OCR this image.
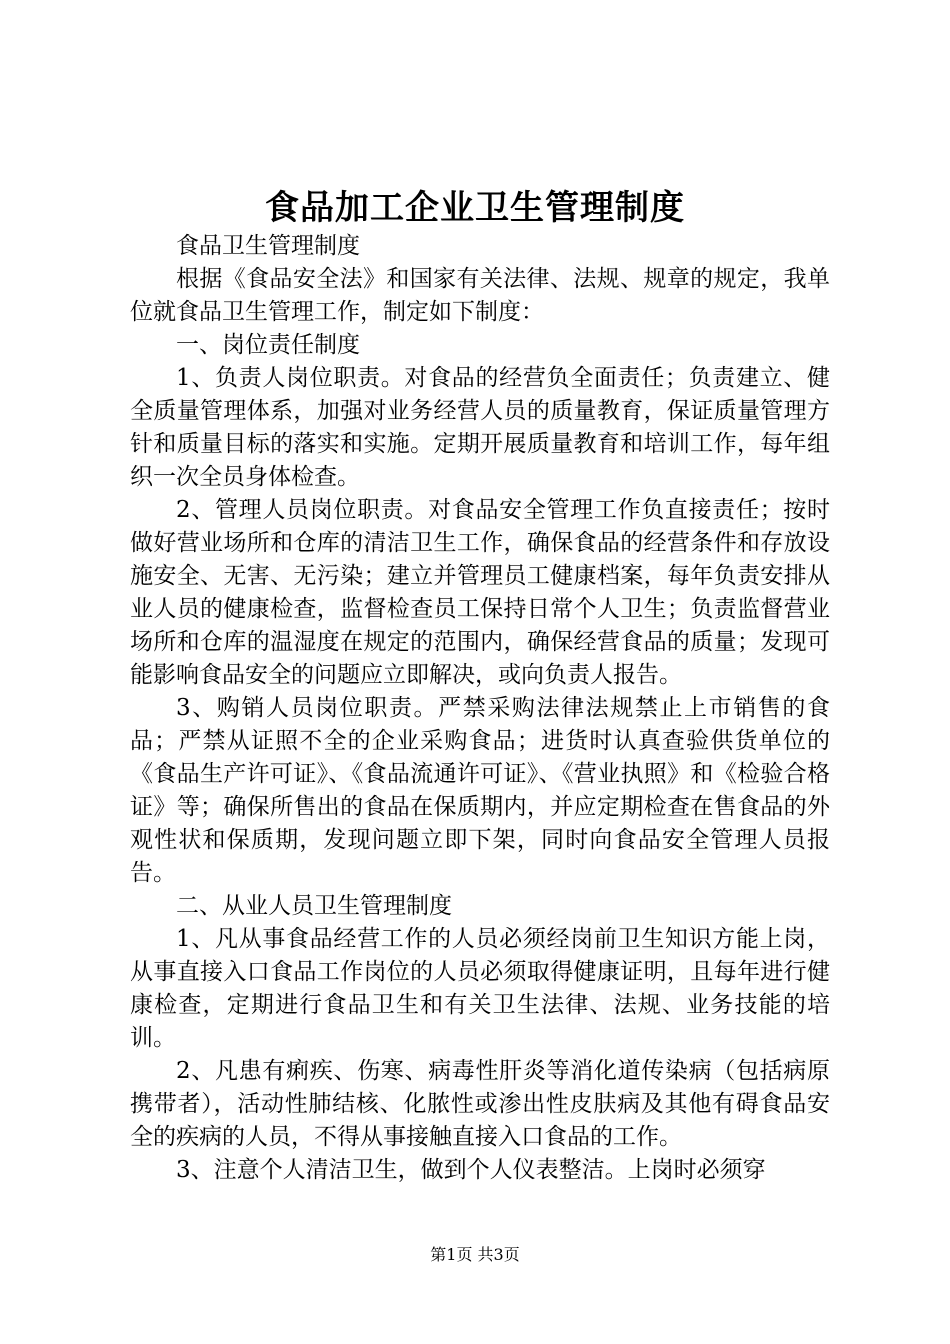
食品加工企业卫生管理制度

食品卫生管理制度

根据《食品安全法》和国家有关法律、法规、规章的规定，我单位就食品卫生管理工作，制定如下制度：

一、岗位责任制度

1、负责人岗位职责。对食品的经营负全面责任；负责建立、健全质量管理体系，加强对业务经营人员的质量教育，保证质量管理方针和质量目标的落实和实施。定期开展质量教育和培训工作，每年组织一次全员身体检查。

2、管理人员岗位职责。对食品安全管理工作负直接责任；按时做好营业场所和仓库的清洁卫生工作，确保食品的经营条件和存放设施安全、无害、无污染；建立并管理员工健康档案，每年负责安排从业人员的健康检查，监督检查员工保持日常个人卫生；负责监督营业场所和仓库的温湿度在规定的范围内，确保经营食品的质量；发现可能影响食品安全的问题应立即解决，或向负责人报告。

3、购销人员岗位职责。严禁采购法律法规禁止上市销售的食品；严禁从证照不全的企业采购食品；进货时认真查验供货单位的《食品生产许可证》、《食品流通许可证》、《营业执照》和《检验合格证》等；确保所售出的食品在保质期内，并应定期检查在售食品的外观性状和保质期，发现问题立即下架，同时向食品安全管理人员报告。

二、从业人员卫生管理制度

1、凡从事食品经营工作的人员必须经岗前卫生知识方能上岗，从事直接入口食品工作岗位的人员必须取得健康证明，且每年进行健康检查，定期进行食品卫生和有关卫生法律、法规、业务技能的培训。

2、凡患有痢疾、伤寒、病毒性肝炎等消化道传染病（包括病原携带者），活动性肺结核、化脓性或渗出性皮肤病及其他有碍食品安全的疾病的人员，不得从事接触直接入口食品的工作。

3、注意个人清洁卫生，做到个人仪表整洁。上岗时必须穿

第1页 共3页
